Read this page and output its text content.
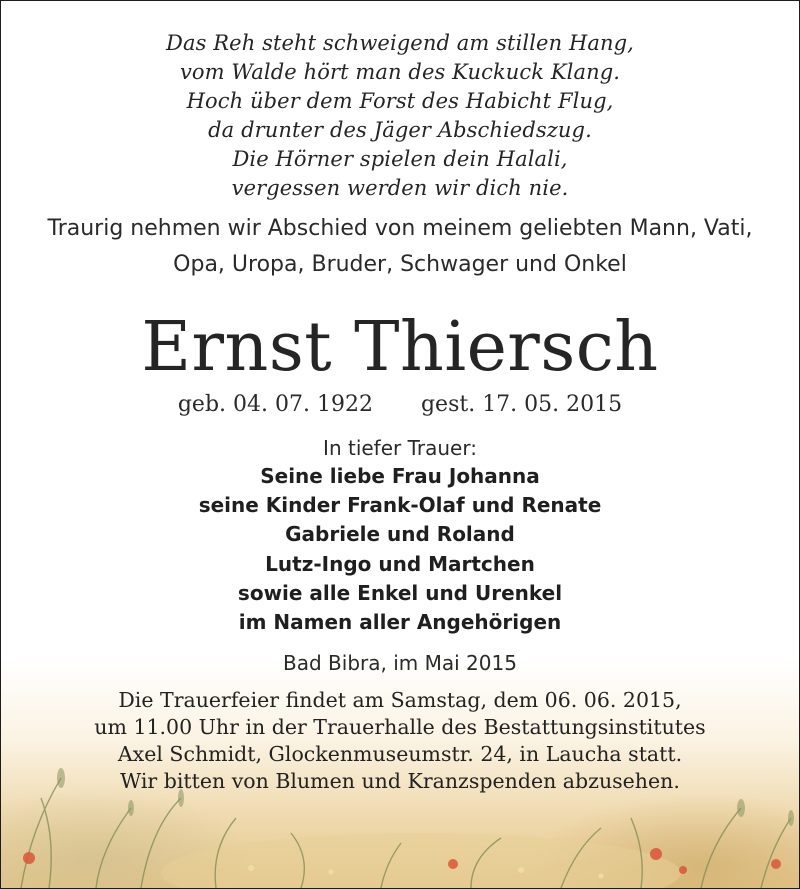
Das Reh steht schweigend am stillen Hang,
vom Walde hört man des Kuckuck Klang.
Hoch über dem Forst des Habicht Flug,
da drunter des Jäger Abschiedszug.
Die Hörner spielen dein Halali,
vergessen werden wir dich nie.
Traurig nehmen wir Abschied von meinem geliebten Mann, Vati,
Opa, Uropa, Bruder, Schwager und Onkel
Ernst Thiersch
geb. 04. 07. 1922 gest. 17. 05. 2015
In tiefer Trauer:
Seine liebe Frau Johanna
seine Kinder Frank-Olaf und Renate
Gabriele und Roland
Lutz-Ingo und Martchen
sowie alle Enkel und Urenkel
im Namen aller Angehörigen
Bad Bibra, im Mai 2015
Die Trauerfeier findet am Samstag, dem 06. 06. 2015,
um 11.00 Uhr in der Trauerhalle des Bestattungsinstitutes
Axel Schmidt, Glockenmuseumstr. 24, in Laucha statt.
Wir bitten von Blumen und Kranzspenden abzusehen.
